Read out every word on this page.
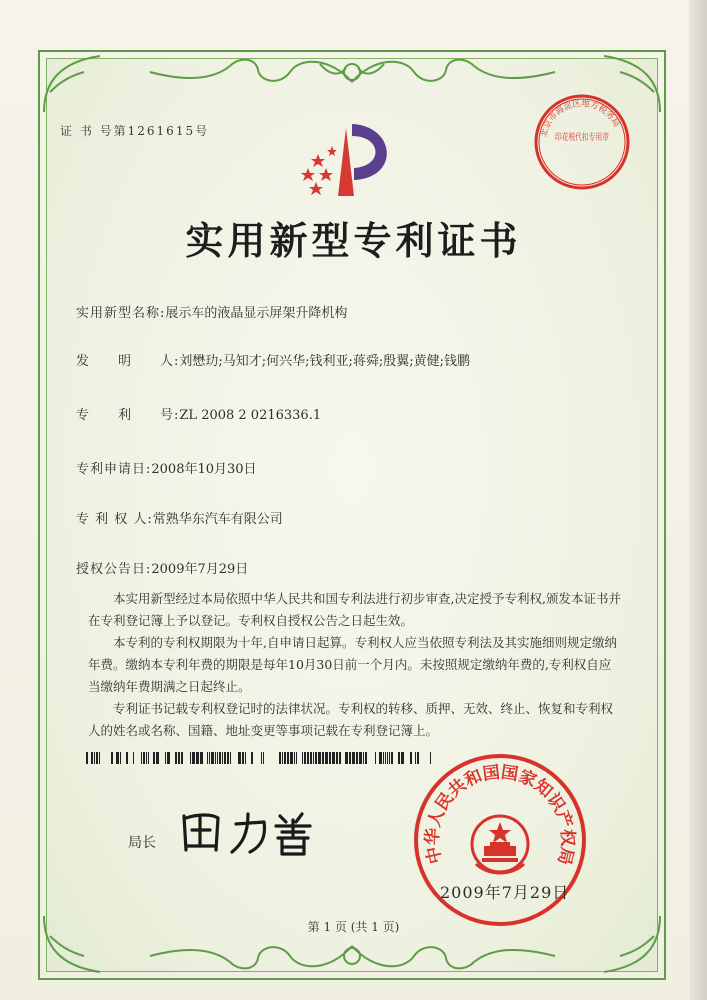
证 书 号第1261615号	北京市海淀区地方税务局
印花税代扣专用章
实用新型专利证书
实用新型名称:展示车的液晶显示屏架升降机构
发　　明　　人:刘懋玏;马知才;何兴华;钱利亚;蒋舜;殷翼;黄健;钱鹏
专　　利　　号:ZL 2008 2 0216336.1
专利申请日:2008年10月30日
专 利 权 人:常熟华东汽车有限公司
授权公告日:2009年7月29日

本实用新型经过本局依照中华人民共和国专利法进行初步审查,决定授予专利权,颁发本证书并在专利登记簿上予以登记。专利权自授权公告之日起生效。

本专利的专利权期限为十年,自申请日起算。专利权人应当依照专利法及其实施细则规定缴纳年费。缴纳本专利年费的期限是每年10月30日前一个月内。未按照规定缴纳年费的,专利权自应当缴纳年费期满之日起终止。

专利证书记载专利权登记时的法律状况。专利权的转移、质押、无效、终止、恢复和专利权人的姓名或名称、国籍、地址变更等事项记载在专利登记簿上。

局长
中华人民共和国国家知识产权局
2009年7月29日
第 1 页 (共 1 页)
